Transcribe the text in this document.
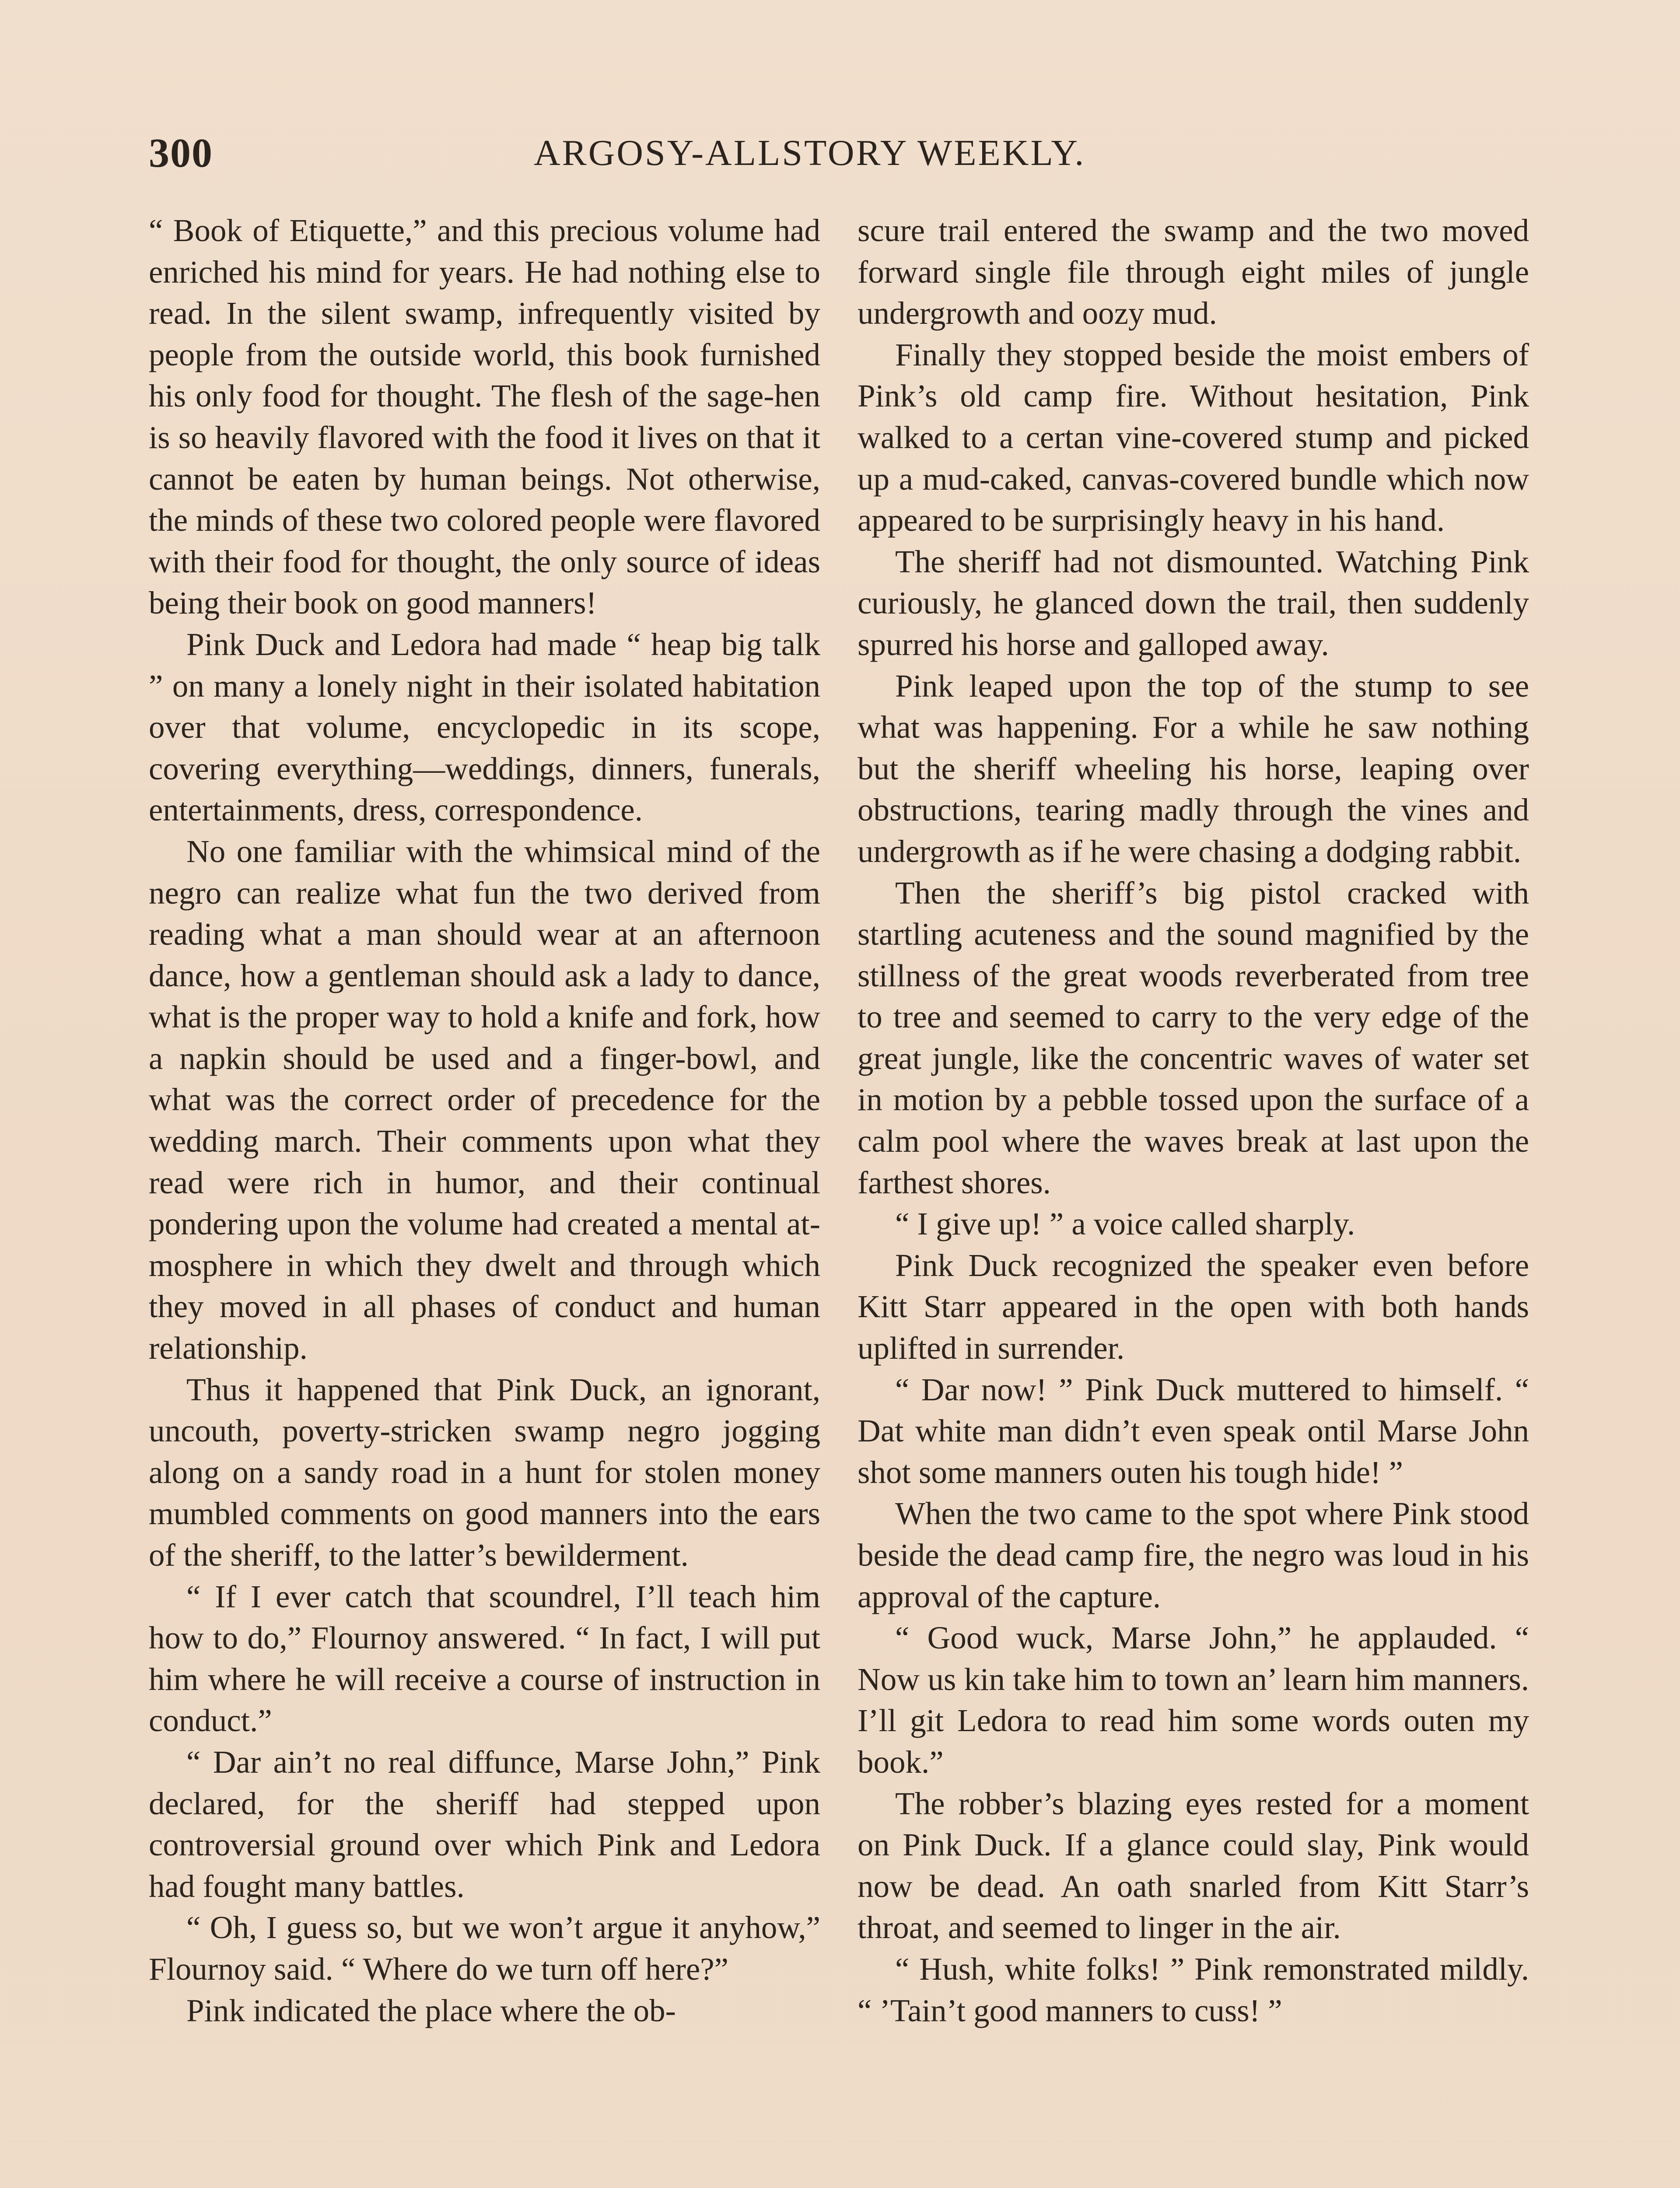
300	ARGOSY-ALLSTORY WEEKLY.

“ Book of Etiquette,” and this precious volume had enriched his mind for years. He had nothing else to read. In the silent swamp, infrequently visited by people from the outside world, this book furnished his only food for thought. The flesh of the sage-hen is so heavily flavored with the food it lives on that it cannot be eaten by human beings. Not otherwise, the minds of these two colored people were flavored with their food for thought, the only source of ideas being their book on good manners!

Pink Duck and Ledora had made “ heap big talk ” on many a lonely night in their isolated habitation over that volume, encyclopedic in its scope, covering everything—weddings, dinners, funerals, entertainments, dress, correspondence.

No one familiar with the whimsical mind of the negro can realize what fun the two derived from reading what a man should wear at an afternoon dance, how a gentleman should ask a lady to dance, what is the proper way to hold a knife and fork, how a napkin should be used and a finger-bowl, and what was the correct order of precedence for the wedding march. Their comments upon what they read were rich in humor, and their continual pondering upon the volume had created a mental atmosphere in which they dwelt and through which they moved in all phases of conduct and human relationship.

Thus it happened that Pink Duck, an ignorant, uncouth, poverty-stricken swamp negro jogging along on a sandy road in a hunt for stolen money mumbled comments on good manners into the ears of the sheriff, to the latter’s bewilderment.

“ If I ever catch that scoundrel, I’ll teach him how to do,” Flournoy answered. “ In fact, I will put him where he will receive a course of instruction in conduct.”

“ Dar ain’t no real diffunce, Marse John,” Pink declared, for the sheriff had stepped upon controversial ground over which Pink and Ledora had fought many battles.

“ Oh, I guess so, but we won’t argue it anyhow,” Flournoy said. “ Where do we turn off here?”

Pink indicated the place where the ob-

scure trail entered the swamp and the two moved forward single file through eight miles of jungle undergrowth and oozy mud.

Finally they stopped beside the moist embers of Pink’s old camp fire. Without hesitation, Pink walked to a certan vine-covered stump and picked up a mud-caked, canvas-covered bundle which now appeared to be surprisingly heavy in his hand.

The sheriff had not dismounted. Watching Pink curiously, he glanced down the trail, then suddenly spurred his horse and galloped away.

Pink leaped upon the top of the stump to see what was happening. For a while he saw nothing but the sheriff wheeling his horse, leaping over obstructions, tearing madly through the vines and undergrowth as if he were chasing a dodging rabbit.

Then the sheriff’s big pistol cracked with startling acuteness and the sound magnified by the stillness of the great woods reverberated from tree to tree and seemed to carry to the very edge of the great jungle, like the concentric waves of water set in motion by a pebble tossed upon the surface of a calm pool where the waves break at last upon the farthest shores.

“ I give up! ” a voice called sharply.

Pink Duck recognized the speaker even before Kitt Starr appeared in the open with both hands uplifted in surrender.

“ Dar now! ” Pink Duck muttered to himself. “ Dat white man didn’t even speak ontil Marse John shot some manners outen his tough hide! ”

When the two came to the spot where Pink stood beside the dead camp fire, the negro was loud in his approval of the capture.

“ Good wuck, Marse John,” he applauded. “ Now us kin take him to town an’ learn him manners. I’ll git Ledora to read him some words outen my book.”

The robber’s blazing eyes rested for a moment on Pink Duck. If a glance could slay, Pink would now be dead. An oath snarled from Kitt Starr’s throat, and seemed to linger in the air.

“ Hush, white folks! ” Pink remonstrated mildly. “ ’Tain’t good manners to cuss! ”
